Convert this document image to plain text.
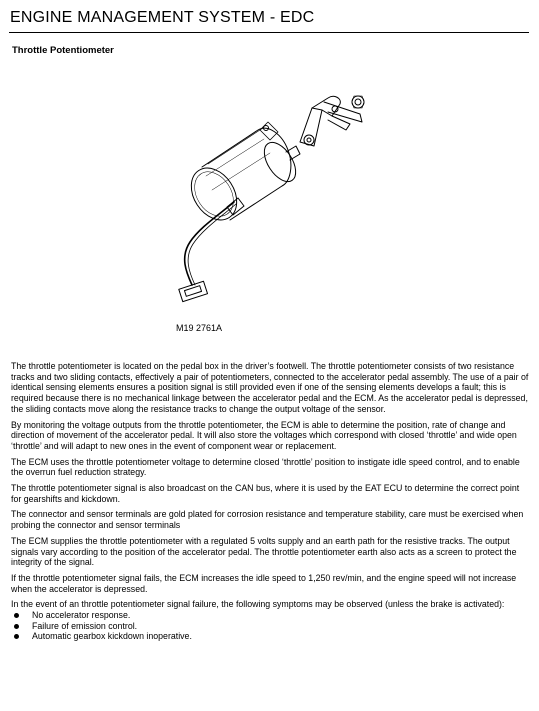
ENGINE MANAGEMENT SYSTEM - EDC
Throttle Potentiometer
M19 2761A

The throttle potentiometer is located on the pedal box in the driver’s footwell. The throttle potentiometer consists of two resistance tracks and two sliding contacts, effectively a pair of potentiometers, connected to the accelerator pedal assembly. The use of a pair of identical sensing elements ensures a position signal is still provided even if one of the sensing elements develops a fault; this is required because there is no mechanical linkage between the accelerator pedal and the ECM. As the accelerator pedal is depressed, the sliding contacts move along the resistance tracks to change the output voltage of the sensor.

By monitoring the voltage outputs from the throttle potentiometer, the ECM is able to determine the position, rate of change and direction of movement of the accelerator pedal. It will also store the voltages which correspond with closed ‘throttle’ and wide open ‘throttle’ and will adapt to new ones in the event of component wear or replacement.

The ECM uses the throttle potentiometer voltage to determine closed ‘throttle’ position to instigate idle speed control, and to enable the overrun fuel reduction strategy.

The throttle potentiometer signal is also broadcast on the CAN bus, where it is used by the EAT ECU to determine the correct point for gearshifts and kickdown.

The connector and sensor terminals are gold plated for corrosion resistance and temperature stability, care must be exercised when probing the connector and sensor terminals

The ECM supplies the throttle potentiometer with a regulated 5 volts supply and an earth path for the resistive tracks. The output signals vary according to the position of the accelerator pedal. The throttle potentiometer earth also acts as a screen to protect the integrity of the signal.

If the throttle potentiometer signal fails, the ECM increases the idle speed to 1,250 rev/min, and the engine speed will not increase when the accelerator is depressed.

In the event of an throttle potentiometer signal failure, the following symptoms may be observed (unless the brake is activated):

No accelerator response.
Failure of emission control.
Automatic gearbox kickdown inoperative.
